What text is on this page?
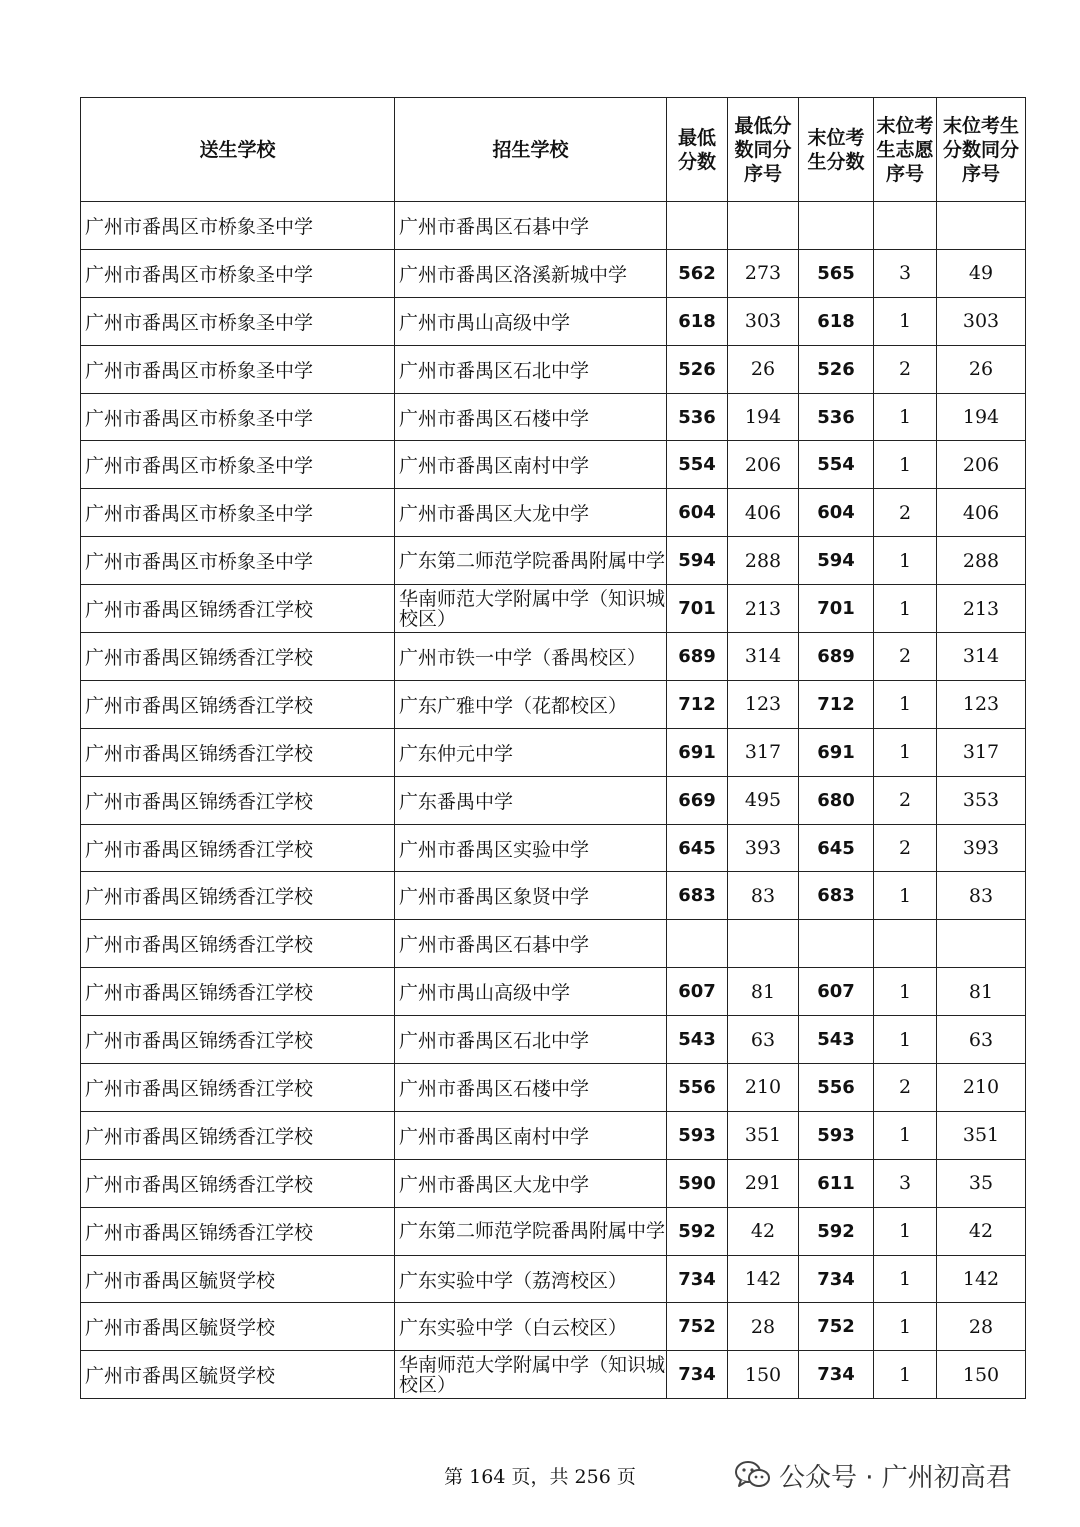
送生学校	招生学校	最低分数	最低分数同分序号	末位考生分数	末位考生志愿序号	末位考生分数同分序号
广州市番禺区市桥象圣中学	广州市番禺区石碁中学					
广州市番禺区市桥象圣中学	广州市番禺区洛溪新城中学	562	273	565	3	49
广州市番禺区市桥象圣中学	广州市禺山高级中学	618	303	618	1	303
广州市番禺区市桥象圣中学	广州市番禺区石北中学	526	26	526	2	26
广州市番禺区市桥象圣中学	广州市番禺区石楼中学	536	194	536	1	194
广州市番禺区市桥象圣中学	广州市番禺区南村中学	554	206	554	1	206
广州市番禺区市桥象圣中学	广州市番禺区大龙中学	604	406	604	2	406
广州市番禺区市桥象圣中学	广东第二师范学院番禺附属中学	594	288	594	1	288
广州市番禺区锦绣香江学校	华南师范大学附属中学（知识城校区）	701	213	701	1	213
广州市番禺区锦绣香江学校	广州市铁一中学（番禺校区）	689	314	689	2	314
广州市番禺区锦绣香江学校	广东广雅中学（花都校区）	712	123	712	1	123
广州市番禺区锦绣香江学校	广东仲元中学	691	317	691	1	317
广州市番禺区锦绣香江学校	广东番禺中学	669	495	680	2	353
广州市番禺区锦绣香江学校	广州市番禺区实验中学	645	393	645	2	393
广州市番禺区锦绣香江学校	广州市番禺区象贤中学	683	83	683	1	83
广州市番禺区锦绣香江学校	广州市番禺区石碁中学					
广州市番禺区锦绣香江学校	广州市禺山高级中学	607	81	607	1	81
广州市番禺区锦绣香江学校	广州市番禺区石北中学	543	63	543	1	63
广州市番禺区锦绣香江学校	广州市番禺区石楼中学	556	210	556	2	210
广州市番禺区锦绣香江学校	广州市番禺区南村中学	593	351	593	1	351
广州市番禺区锦绣香江学校	广州市番禺区大龙中学	590	291	611	3	35
广州市番禺区锦绣香江学校	广东第二师范学院番禺附属中学	592	42	592	1	42
广州市番禺区毓贤学校	广东实验中学（荔湾校区）	734	142	734	1	142
广州市番禺区毓贤学校	广东实验中学（白云校区）	752	28	752	1	28
广州市番禺区毓贤学校	华南师范大学附属中学（知识城校区）	734	150	734	1	150
第 164 页，共 256 页	公众号 · 广州初高君
